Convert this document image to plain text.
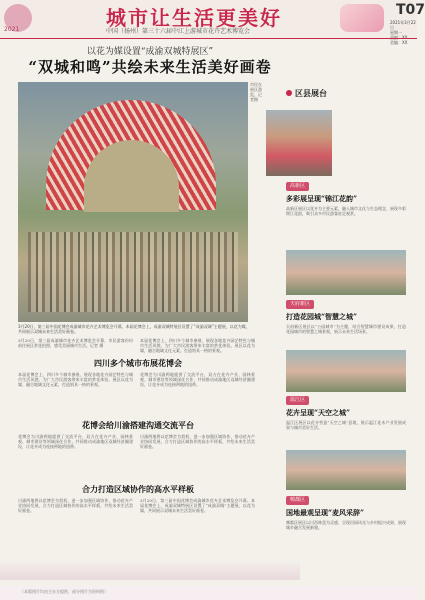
2021	城市让生活更美好
中国（扬州）第三十六届中江上游城市花卉艺术博览会
T07
2021年3月22日
星期一
美编：XX
以花为媒设置“成渝双城特展区”
“双城和鸣”共绘未来生活美好画卷
市民在展区游览，记者摄
区县展台
3月20日，第三届中国花博会成渝城市花卉艺术博览会开幕。本届花博会上，成渝双城特展区设置了“成渝双城”主题展，以花为媒，共同展示双城未来生活美好画卷。
3月20日，第三届成渝城市花卉艺术博览会开幕，市民游客纷纷前往展区赏花拍照，感受美丽城市生活。记者 摄
本届花博会上，四川多个城市参展，展现各地花卉园艺特色与城市生活风貌，为广大市民游客带来丰富的赏花体验。展区以花为媒，融合地域文化元素，打造别具一格的景观。
四川多个城市布展花博会
本届花博会上，四川多个城市参展，展现各地花卉园艺特色与城市生活风貌，为广大市民游客带来丰富的赏花体验。展区以花为媒，融合地域文化元素，打造别具一格的景观。
花博会为川渝两地提供了交流平台，双方在花卉产业、园林景观、城市建设等领域深化合作，共同推动成渝地区双城经济圈建设，让花卉成为连接两地的纽带。
花博会给川渝搭建沟通交流平台
花博会为川渝两地提供了交流平台，双方在花卉产业、园林景观、城市建设等领域深化合作，共同推动成渝地区双城经济圈建设，让花卉成为连接两地的纽带。
川渝两地将以花博会为契机，进一步加强区域协作，推动花卉产业协同发展，合力打造区域协作的高水平样板，共绘未来生活美好画卷。
合力打造区域协作的高水平样板
川渝两地将以花博会为契机，进一步加强区域协作，推动花卉产业协同发展，合力打造区域协作的高水平样板，共绘未来生活美好画卷。
3月20日，第三届中国花博会成渝城市花卉艺术博览会开幕。本届花博会上，成渝双城特展区设置了“成渝双城”主题展，以花为媒，共同展示双城未来生活美好画卷。
高新区
多彩展呈现“锦江花韵”
高新区展区以花卉为主要元素，融入城市文化与生态理念，展现多彩锦江花韵，吸引众多市民游客驻足观赏。
天府新区
打造花园城“智慧之城”
天府新区展区以“公园城市”为主题，结合智慧城市建设成果，打造花园城市的智慧之城景观，展示未来生活场景。
温江区
花卉呈现“天空之城”
温江区展区以花卉营造“天空之城”意境，展示温江花木产业发展成果与城市美好生活。
郫都区
国地最观呈现“麦风采辞”
郫都区展区以川西林盘为灵感，呈现田园风光与乡村振兴成果，展现城乡融合发展新貌。
（本版图片均由主办方提供，部分图片为资料图）
